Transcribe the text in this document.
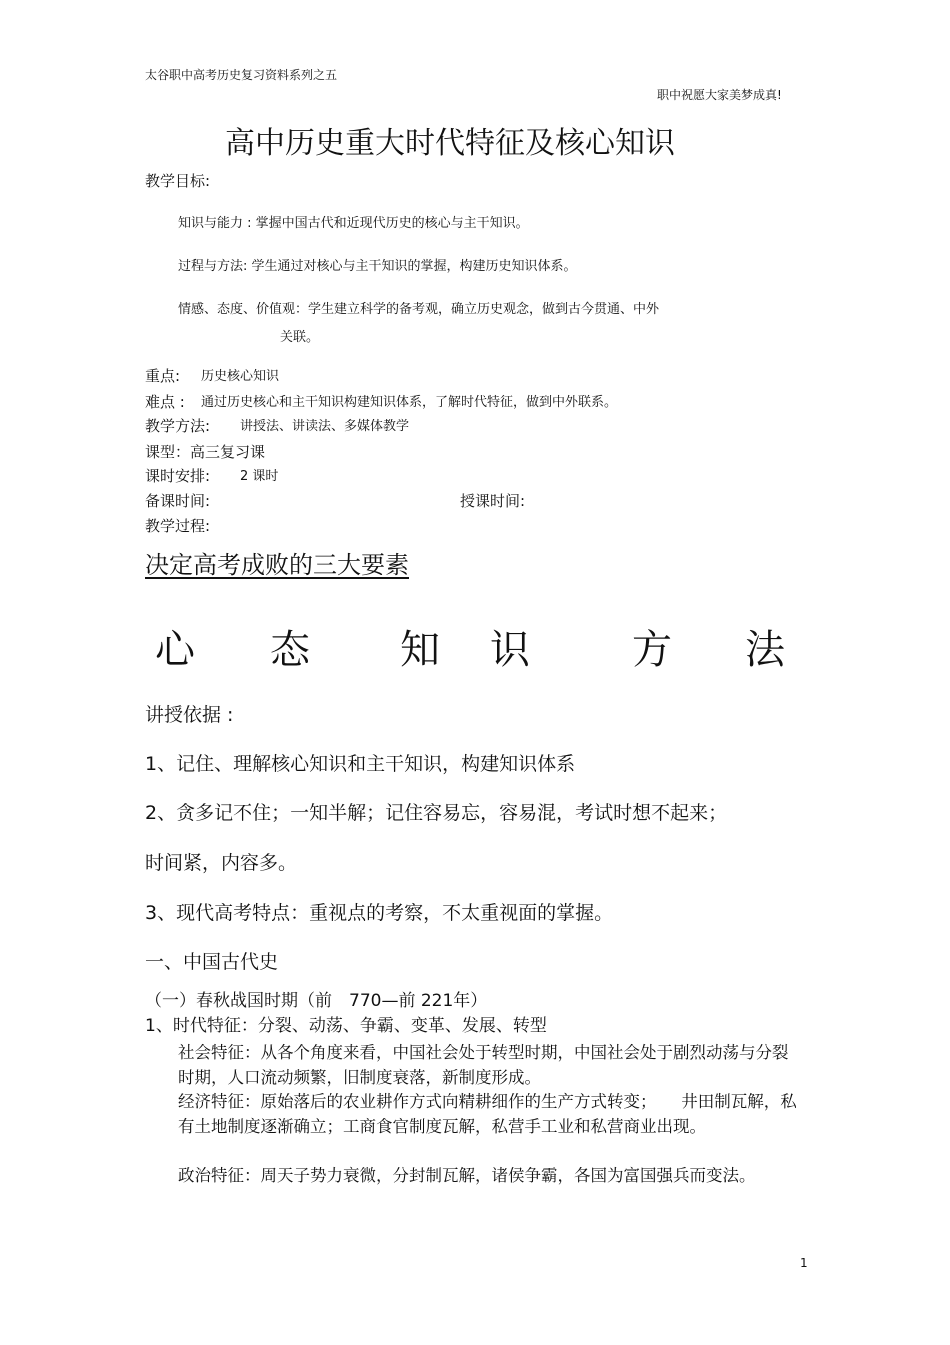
太谷职中高考历史复习资料系列之五
职中祝愿大家美梦成真!
高中历史重大时代特征及核心知识
教学目标:
知识与能力 : 掌握中国古代和近现代历史的核心与主干知识。
过程与方法: 学生通过对核心与主干知识的掌握，构建历史知识体系。
情感、态度、价值观：学生建立科学的备考观，确立历史观念，做到古今贯通、中外
关联。
重点: 历史核心知识
难点 : 通过历史核心和主干知识构建知识体系，了解时代特征，做到中外联系。
教学方法: 讲授法、讲读法、多媒体教学
课型：高三复习课
课时安排: 2 课时
备课时间:	授课时间:
教学过程:
决定高考成败的三大要素
心 态 知 识	方 法
讲授依据 :
1、记住、理解核心知识和主干知识，构建知识体系
2、贪多记不住；一知半解；记住容易忘，容易混，考试时想不起来；
时间紧，内容多。
3、现代高考特点：重视点的考察，不太重视面的掌握。
一、中国古代史
（一）春秋战国时期（前　770—前 221年）
1、时代特征：分裂、动荡、争霸、变革、发展、转型
社会特征：从各个角度来看，中国社会处于转型时期，中国社会处于剧烈动荡与分裂时期，人口流动频繁，旧制度衰落，新制度形成。
经济特征：原始落后的农业耕作方式向精耕细作的生产方式转变；　　井田制瓦解，私有土地制度逐渐确立；工商食官制度瓦解，私营手工业和私营商业出现。
政治特征：周天子势力衰微，分封制瓦解，诸侯争霸，各国为富国强兵而变法。
1
